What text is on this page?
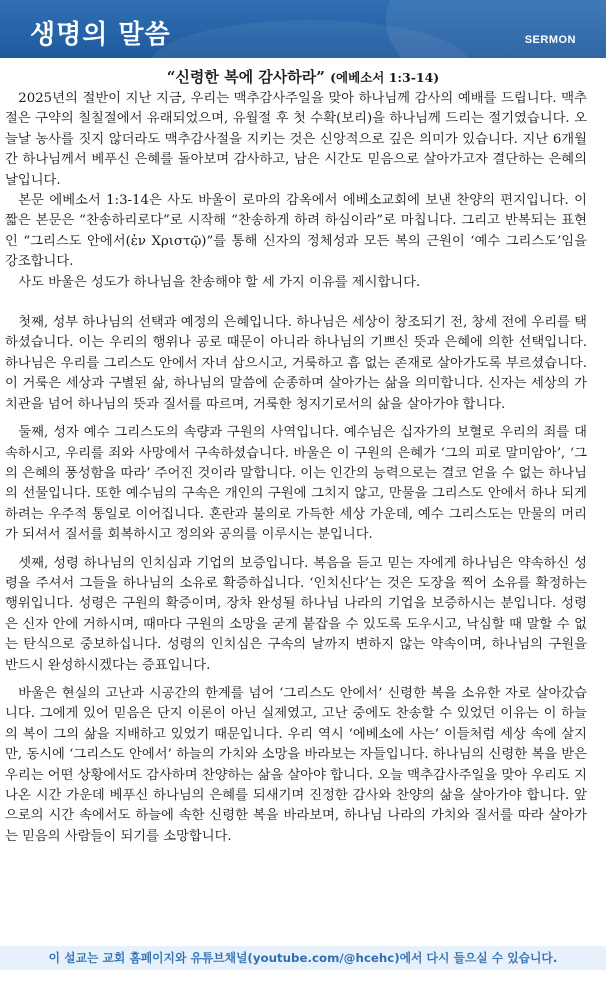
생명의 말씀	SERMON
“신령한 복에 감사하라” (에베소서 1:3-14)

2025년의 절반이 지난 지금, 우리는 맥추감사주일을 맞아 하나님께 감사의 예배를 드립니다. 맥추절은 구약의 칠칠절에서 유래되었으며, 유월절 후 첫 수확(보리)을 하나님께 드리는 절기였습니다. 오늘날 농사를 짓지 않더라도 맥추감사절을 지키는 것은 신앙적으로 깊은 의미가 있습니다. 지난 6개월간 하나님께서 베푸신 은혜를 돌아보며 감사하고, 남은 시간도 믿음으로 살아가고자 결단하는 은혜의 날입니다.

본문 에베소서 1:3-14은 사도 바울이 로마의 감옥에서 에베소교회에 보낸 찬양의 편지입니다. 이 짧은 본문은 “찬송하리로다”로 시작해 “찬송하게 하려 하심이라”로 마칩니다. 그리고 반복되는 표현인 “그리스도 안에서(ἐν Χριστῷ)”를 통해 신자의 정체성과 모든 복의 근원이 ‘예수 그리스도’임을 강조합니다.

사도 바울은 성도가 하나님을 찬송해야 할 세 가지 이유를 제시합니다.

첫째, 성부 하나님의 선택과 예정의 은혜입니다. 하나님은 세상이 창조되기 전, 창세 전에 우리를 택하셨습니다. 이는 우리의 행위나 공로 때문이 아니라 하나님의 기쁘신 뜻과 은혜에 의한 선택입니다. 하나님은 우리를 그리스도 안에서 자녀 삼으시고, 거룩하고 흠 없는 존재로 살아가도록 부르셨습니다. 이 거룩은 세상과 구별된 삶, 하나님의 말씀에 순종하며 살아가는 삶을 의미합니다. 신자는 세상의 가치관을 넘어 하나님의 뜻과 질서를 따르며, 거룩한 청지기로서의 삶을 살아가야 합니다.

둘째, 성자 예수 그리스도의 속량과 구원의 사역입니다. 예수님은 십자가의 보혈로 우리의 죄를 대속하시고, 우리를 죄와 사망에서 구속하셨습니다. 바울은 이 구원의 은혜가 ‘그의 피로 말미암아’, ‘그의 은혜의 풍성함을 따라’ 주어진 것이라 말합니다. 이는 인간의 능력으로는 결코 얻을 수 없는 하나님의 선물입니다. 또한 예수님의 구속은 개인의 구원에 그치지 않고, 만물을 그리스도 안에서 하나 되게 하려는 우주적 통일로 이어집니다. 혼란과 불의로 가득한 세상 가운데, 예수 그리스도는 만물의 머리가 되셔서 질서를 회복하시고 정의와 공의를 이루시는 분입니다.

셋째, 성령 하나님의 인치심과 기업의 보증입니다. 복음을 듣고 믿는 자에게 하나님은 약속하신 성령을 주셔서 그들을 하나님의 소유로 확증하십니다. ‘인치신다’는 것은 도장을 찍어 소유를 확정하는 행위입니다. 성령은 구원의 확증이며, 장차 완성될 하나님 나라의 기업을 보증하시는 분입니다. 성령은 신자 안에 거하시며, 때마다 구원의 소망을 굳게 붙잡을 수 있도록 도우시고, 낙심할 때 말할 수 없는 탄식으로 중보하십니다. 성령의 인치심은 구속의 날까지 변하지 않는 약속이며, 하나님의 구원을 반드시 완성하시겠다는 증표입니다.

바울은 현실의 고난과 시공간의 한계를 넘어 ‘그리스도 안에서’ 신령한 복을 소유한 자로 살아갔습니다. 그에게 있어 믿음은 단지 이론이 아닌 실제였고, 고난 중에도 찬송할 수 있었던 이유는 이 하늘의 복이 그의 삶을 지배하고 있었기 때문입니다. 우리 역시 ‘에베소에 사는’ 이들처럼 세상 속에 살지만, 동시에 ‘그리스도 안에서’ 하늘의 가치와 소망을 바라보는 자들입니다. 하나님의 신령한 복을 받은 우리는 어떤 상황에서도 감사하며 찬양하는 삶을 살아야 합니다. 오늘 맥추감사주일을 맞아 우리도 지나온 시간 가운데 베푸신 하나님의 은혜를 되새기며 진정한 감사와 찬양의 삶을 살아가야 합니다. 앞으로의 시간 속에서도 하늘에 속한 신령한 복을 바라보며, 하나님 나라의 가치와 질서를 따라 살아가는 믿음의 사람들이 되기를 소망합니다.

이 설교는 교회 홈페이지와 유튜브채널(youtube.com/@hcehc)에서 다시 들으실 수 있습니다.
